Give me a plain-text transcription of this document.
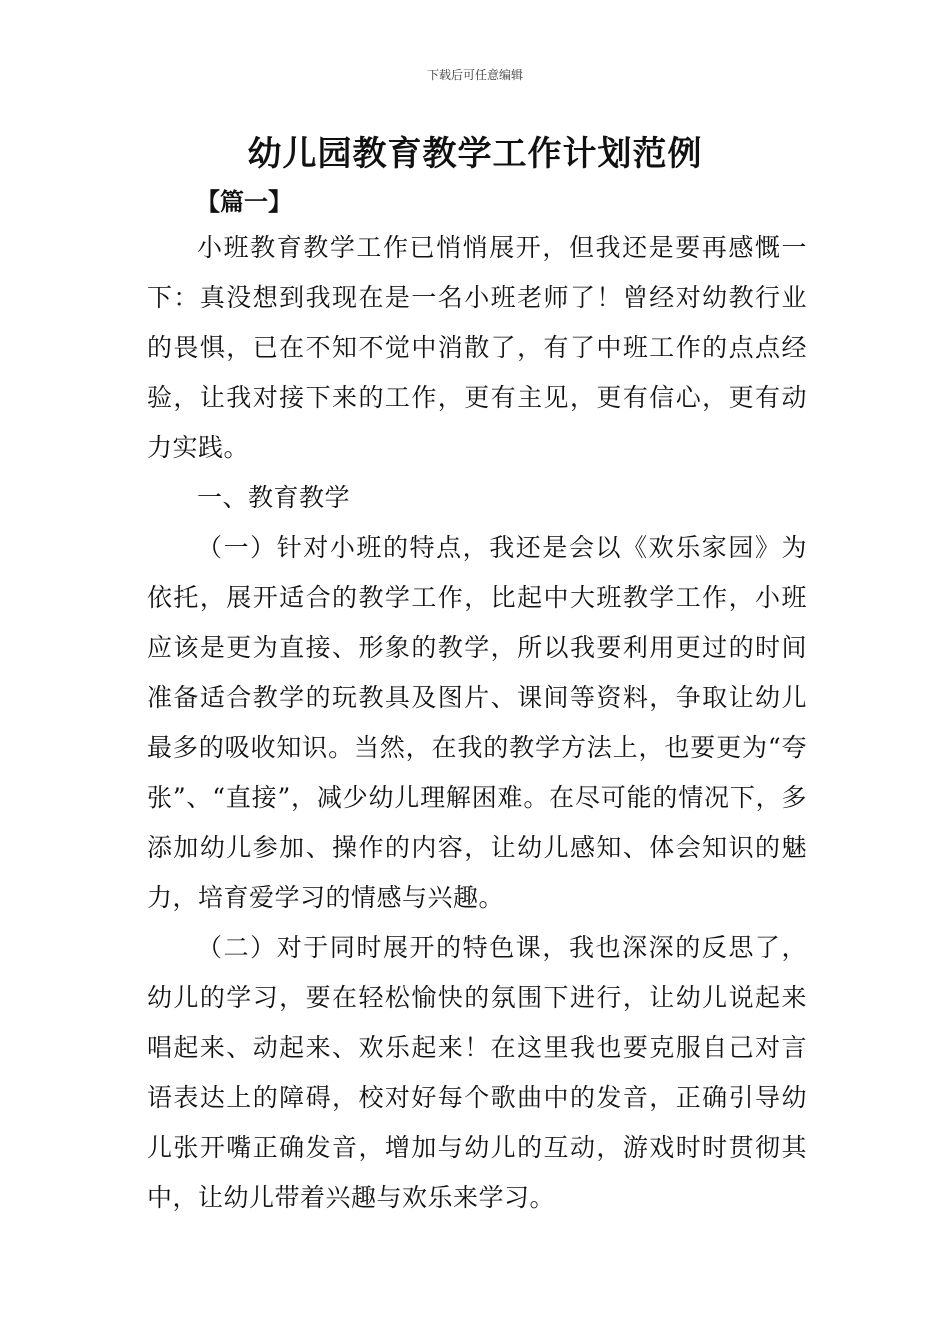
下载后可任意编辑
幼儿园教育教学工作计划范例
【篇一】

小班教育教学工作已悄悄展开，但我还是要再感慨一下：真没想到我现在是一名小班老师了！曾经对幼教行业的畏惧，已在不知不觉中消散了，有了中班工作的点点经验，让我对接下来的工作，更有主见，更有信心，更有动力实践。

一、教育教学

（一）针对小班的特点，我还是会以《欢乐家园》为依托，展开适合的教学工作，比起中大班教学工作，小班应该是更为直接、形象的教学，所以我要利用更过的时间准备适合教学的玩教具及图片、课间等资料，争取让幼儿最多的吸收知识。当然，在我的教学方法上，也要更为“夸张”、“直接”，减少幼儿理解困难。在尽可能的情况下，多添加幼儿参加、操作的内容，让幼儿感知、体会知识的魅力，培育爱学习的情感与兴趣。

（二）对于同时展开的特色课，我也深深的反思了，幼儿的学习，要在轻松愉快的氛围下进行，让幼儿说起来唱起来、动起来、欢乐起来！在这里我也要克服自己对言语表达上的障碍，校对好每个歌曲中的发音，正确引导幼儿张开嘴正确发音，增加与幼儿的互动，游戏时时贯彻其中，让幼儿带着兴趣与欢乐来学习。
